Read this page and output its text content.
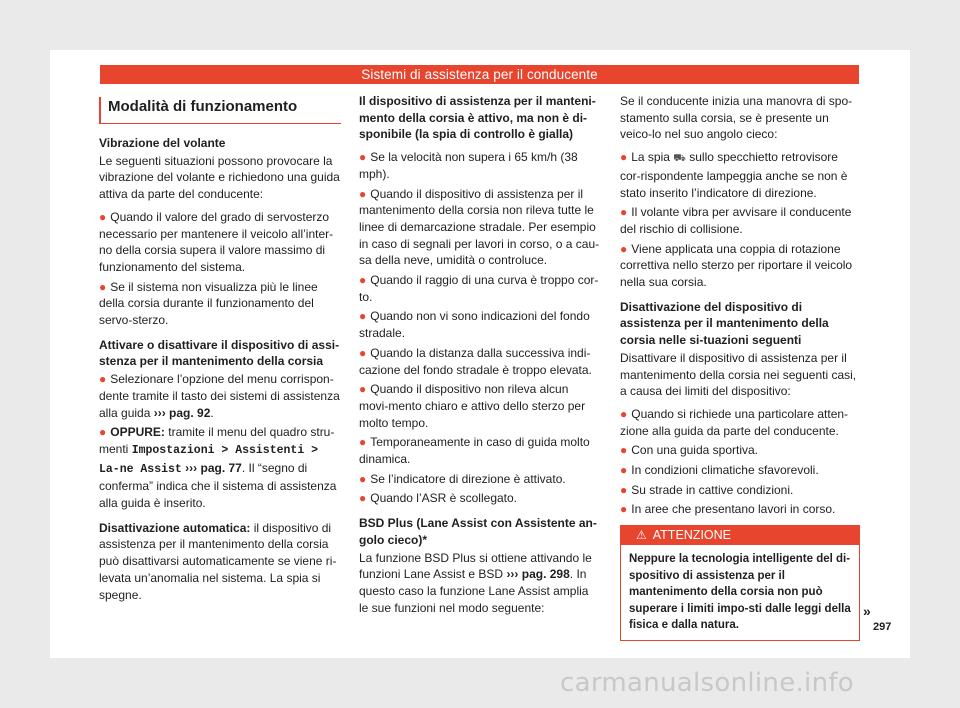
Sistemi di assistenza per il conducente
Modalità di funzionamento
Vibrazione del volante

Le seguenti situazioni possono provocare la vibrazione del volante e richiedono una guida attiva da parte del conducente:

● Quando il valore del grado di servosterzo necessario per mantenere il veicolo all’inter-no della corsia supera il valore massimo di funzionamento del sistema.
● Se il sistema non visualizza più le linee della corsia durante il funzionamento del servo-sterzo.
Attivare o disattivare il dispositivo di assi-stenza per il mantenimento della corsia
● Selezionare l’opzione del menu corrispon-dente tramite il tasto dei sistemi di assistenza alla guida ››› pag. 92.
● OPPURE: tramite il menu del quadro stru-menti Impostazioni > Assistenti > La-ne Assist ››› pag. 77. Il “segno di conferma” indica che il sistema di assistenza alla guida è inserito.

Disattivazione automatica: il dispositivo di assistenza per il mantenimento della corsia può disattivarsi automaticamente se viene ri-levata un’anomalia nel sistema. La spia si spegne.

Il dispositivo di assistenza per il manteni-mento della corsia è attivo, ma non è di-sponibile (la spia di controllo è gialla)
● Se la velocità non supera i 65 km/h (38 mph).
● Quando il dispositivo di assistenza per il mantenimento della corsia non rileva tutte le linee di demarcazione stradale. Per esempio in caso di segnali per lavori in corso, o a cau-sa della neve, umidità o controluce.
● Quando il raggio di una curva è troppo cor-to.
● Quando non vi sono indicazioni del fondo stradale.
● Quando la distanza dalla successiva indi-cazione del fondo stradale è troppo elevata.
● Quando il dispositivo non rileva alcun movi-mento chiaro e attivo dello sterzo per molto tempo.
● Temporaneamente in caso di guida molto dinamica.
● Se l’indicatore di direzione è attivato.
● Quando l’ASR è scollegato.
BSD Plus (Lane Assist con Assistente an-golo cieco)*

La funzione BSD Plus si ottiene attivando le funzioni Lane Assist e BSD ››› pag. 298. In questo caso la funzione Lane Assist amplia le sue funzioni nel modo seguente:

Se il conducente inizia una manovra di spo-stamento sulla corsia, se è presente un veico-lo nel suo angolo cieco:

● La spia ⛟ sullo specchietto retrovisore cor-rispondente lampeggia anche se non è stato inserito l’indicatore di direzione.
● Il volante vibra per avvisare il conducente del rischio di collisione.
● Viene applicata una coppia di rotazione correttiva nello sterzo per riportare il veicolo nella sua corsia.
Disattivazione del dispositivo di assistenza per il mantenimento della corsia nelle si-tuazioni seguenti

Disattivare il dispositivo di assistenza per il mantenimento della corsia nei seguenti casi, a causa dei limiti del dispositivo:

● Quando si richiede una particolare atten-zione alla guida da parte del conducente.
● Con una guida sportiva.
● In condizioni climatiche sfavorevoli.
● Su strade in cattive condizioni.
● In aree che presentano lavori in corso.
⚠ ATTENZIONE
Neppure la tecnologia intelligente del di-spositivo di assistenza per il mantenimento della corsia non può superare i limiti impo-sti dalle leggi della fisica e dalla natura.
»
297
carmanualsonline.info
